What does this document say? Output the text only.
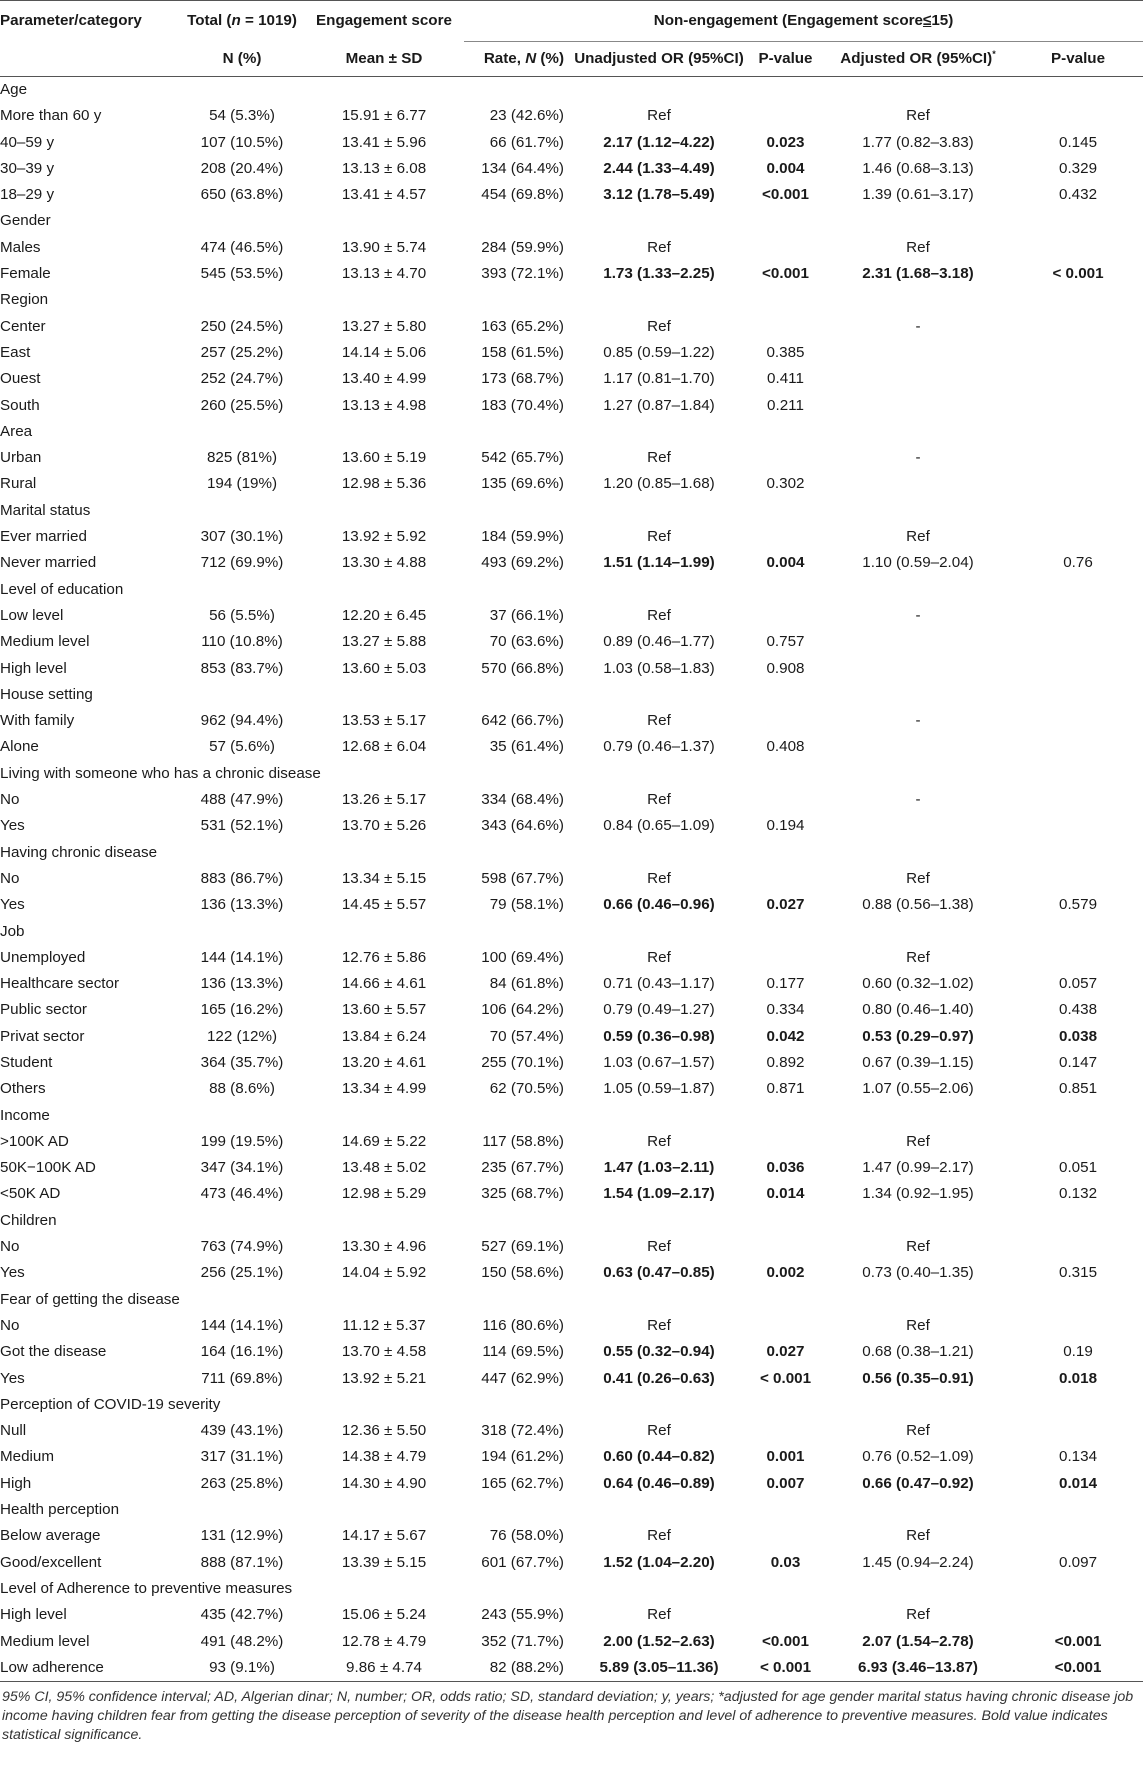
Parameter/category	Total (n = 1019)	Engagement score	Non-engagement (Engagement score≤15)				
	N (%)	Mean ± SD	Rate, N (%)	Unadjusted OR (95%CI)	P-value	Adjusted OR (95%CI)*	P-value
Age							
More than 60 y	54 (5.3%)	15.91 ± 6.77	23 (42.6%)	Ref		Ref	
40–59 y	107 (10.5%)	13.41 ± 5.96	66 (61.7%)	2.17 (1.12–4.22)	0.023	1.77 (0.82–3.83)	0.145
30–39 y	208 (20.4%)	13.13 ± 6.08	134 (64.4%)	2.44 (1.33–4.49)	0.004	1.46 (0.68–3.13)	0.329
18–29 y	650 (63.8%)	13.41 ± 4.57	454 (69.8%)	3.12 (1.78–5.49)	<0.001	1.39 (0.61–3.17)	0.432
Gender							
Males	474 (46.5%)	13.90 ± 5.74	284 (59.9%)	Ref		Ref	
Female	545 (53.5%)	13.13 ± 4.70	393 (72.1%)	1.73 (1.33–2.25)	<0.001	2.31 (1.68–3.18)	< 0.001
Region							
Center	250 (24.5%)	13.27 ± 5.80	163 (65.2%)	Ref		-	
East	257 (25.2%)	14.14 ± 5.06	158 (61.5%)	0.85 (0.59–1.22)	0.385		
Ouest	252 (24.7%)	13.40 ± 4.99	173 (68.7%)	1.17 (0.81–1.70)	0.411		
South	260 (25.5%)	13.13 ± 4.98	183 (70.4%)	1.27 (0.87–1.84)	0.211		
Area							
Urban	825 (81%)	13.60 ± 5.19	542 (65.7%)	Ref		-	
Rural	194 (19%)	12.98 ± 5.36	135 (69.6%)	1.20 (0.85–1.68)	0.302		
Marital status							
Ever married	307 (30.1%)	13.92 ± 5.92	184 (59.9%)	Ref		Ref	
Never married	712 (69.9%)	13.30 ± 4.88	493 (69.2%)	1.51 (1.14–1.99)	0.004	1.10 (0.59–2.04)	0.76
Level of education							
Low level	56 (5.5%)	12.20 ± 6.45	37 (66.1%)	Ref		-	
Medium level	110 (10.8%)	13.27 ± 5.88	70 (63.6%)	0.89 (0.46–1.77)	0.757		
High level	853 (83.7%)	13.60 ± 5.03	570 (66.8%)	1.03 (0.58–1.83)	0.908		
House setting							
With family	962 (94.4%)	13.53 ± 5.17	642 (66.7%)	Ref		-	
Alone	57 (5.6%)	12.68 ± 6.04	35 (61.4%)	0.79 (0.46–1.37)	0.408		
Living with someone who has a chronic disease							
No	488 (47.9%)	13.26 ± 5.17	334 (68.4%)	Ref		-	
Yes	531 (52.1%)	13.70 ± 5.26	343 (64.6%)	0.84 (0.65–1.09)	0.194		
Having chronic disease							
No	883 (86.7%)	13.34 ± 5.15	598 (67.7%)	Ref		Ref	
Yes	136 (13.3%)	14.45 ± 5.57	79 (58.1%)	0.66 (0.46–0.96)	0.027	0.88 (0.56–1.38)	0.579
Job							
Unemployed	144 (14.1%)	12.76 ± 5.86	100 (69.4%)	Ref		Ref	
Healthcare sector	136 (13.3%)	14.66 ± 4.61	84 (61.8%)	0.71 (0.43–1.17)	0.177	0.60 (0.32–1.02)	0.057
Public sector	165 (16.2%)	13.60 ± 5.57	106 (64.2%)	0.79 (0.49–1.27)	0.334	0.80 (0.46–1.40)	0.438
Privat sector	122 (12%)	13.84 ± 6.24	70 (57.4%)	0.59 (0.36–0.98)	0.042	0.53 (0.29–0.97)	0.038
Student	364 (35.7%)	13.20 ± 4.61	255 (70.1%)	1.03 (0.67–1.57)	0.892	0.67 (0.39–1.15)	0.147
Others	88 (8.6%)	13.34 ± 4.99	62 (70.5%)	1.05 (0.59–1.87)	0.871	1.07 (0.55–2.06)	0.851
Income							
>100K AD	199 (19.5%)	14.69 ± 5.22	117 (58.8%)	Ref		Ref	
50K−100K AD	347 (34.1%)	13.48 ± 5.02	235 (67.7%)	1.47 (1.03–2.11)	0.036	1.47 (0.99–2.17)	0.051
<50K AD	473 (46.4%)	12.98 ± 5.29	325 (68.7%)	1.54 (1.09–2.17)	0.014	1.34 (0.92–1.95)	0.132
Children							
No	763 (74.9%)	13.30 ± 4.96	527 (69.1%)	Ref		Ref	
Yes	256 (25.1%)	14.04 ± 5.92	150 (58.6%)	0.63 (0.47–0.85)	0.002	0.73 (0.40–1.35)	0.315
Fear of getting the disease							
No	144 (14.1%)	11.12 ± 5.37	116 (80.6%)	Ref		Ref	
Got the disease	164 (16.1%)	13.70 ± 4.58	114 (69.5%)	0.55 (0.32–0.94)	0.027	0.68 (0.38–1.21)	0.19
Yes	711 (69.8%)	13.92 ± 5.21	447 (62.9%)	0.41 (0.26–0.63)	< 0.001	0.56 (0.35–0.91)	0.018
Perception of COVID-19 severity							
Null	439 (43.1%)	12.36 ± 5.50	318 (72.4%)	Ref		Ref	
Medium	317 (31.1%)	14.38 ± 4.79	194 (61.2%)	0.60 (0.44–0.82)	0.001	0.76 (0.52–1.09)	0.134
High	263 (25.8%)	14.30 ± 4.90	165 (62.7%)	0.64 (0.46–0.89)	0.007	0.66 (0.47–0.92)	0.014
Health perception							
Below average	131 (12.9%)	14.17 ± 5.67	76 (58.0%)	Ref		Ref	
Good/excellent	888 (87.1%)	13.39 ± 5.15	601 (67.7%)	1.52 (1.04–2.20)	0.03	1.45 (0.94–2.24)	0.097
Level of Adherence to preventive measures							
High level	435 (42.7%)	15.06 ± 5.24	243 (55.9%)	Ref		Ref	
Medium level	491 (48.2%)	12.78 ± 4.79	352 (71.7%)	2.00 (1.52–2.63)	<0.001	2.07 (1.54–2.78)	<0.001
Low adherence	93 (9.1%)	9.86 ± 4.74	82 (88.2%)	5.89 (3.05–11.36)	< 0.001	6.93 (3.46–13.87)	<0.001
95% CI, 95% confidence interval; AD, Algerian dinar; N, number; OR, odds ratio; SD, standard deviation; y, years; *adjusted for age gender marital status having chronic disease job income having children fear from getting the disease perception of severity of the disease health perception and level of adherence to preventive measures. Bold value indicates statistical significance.
